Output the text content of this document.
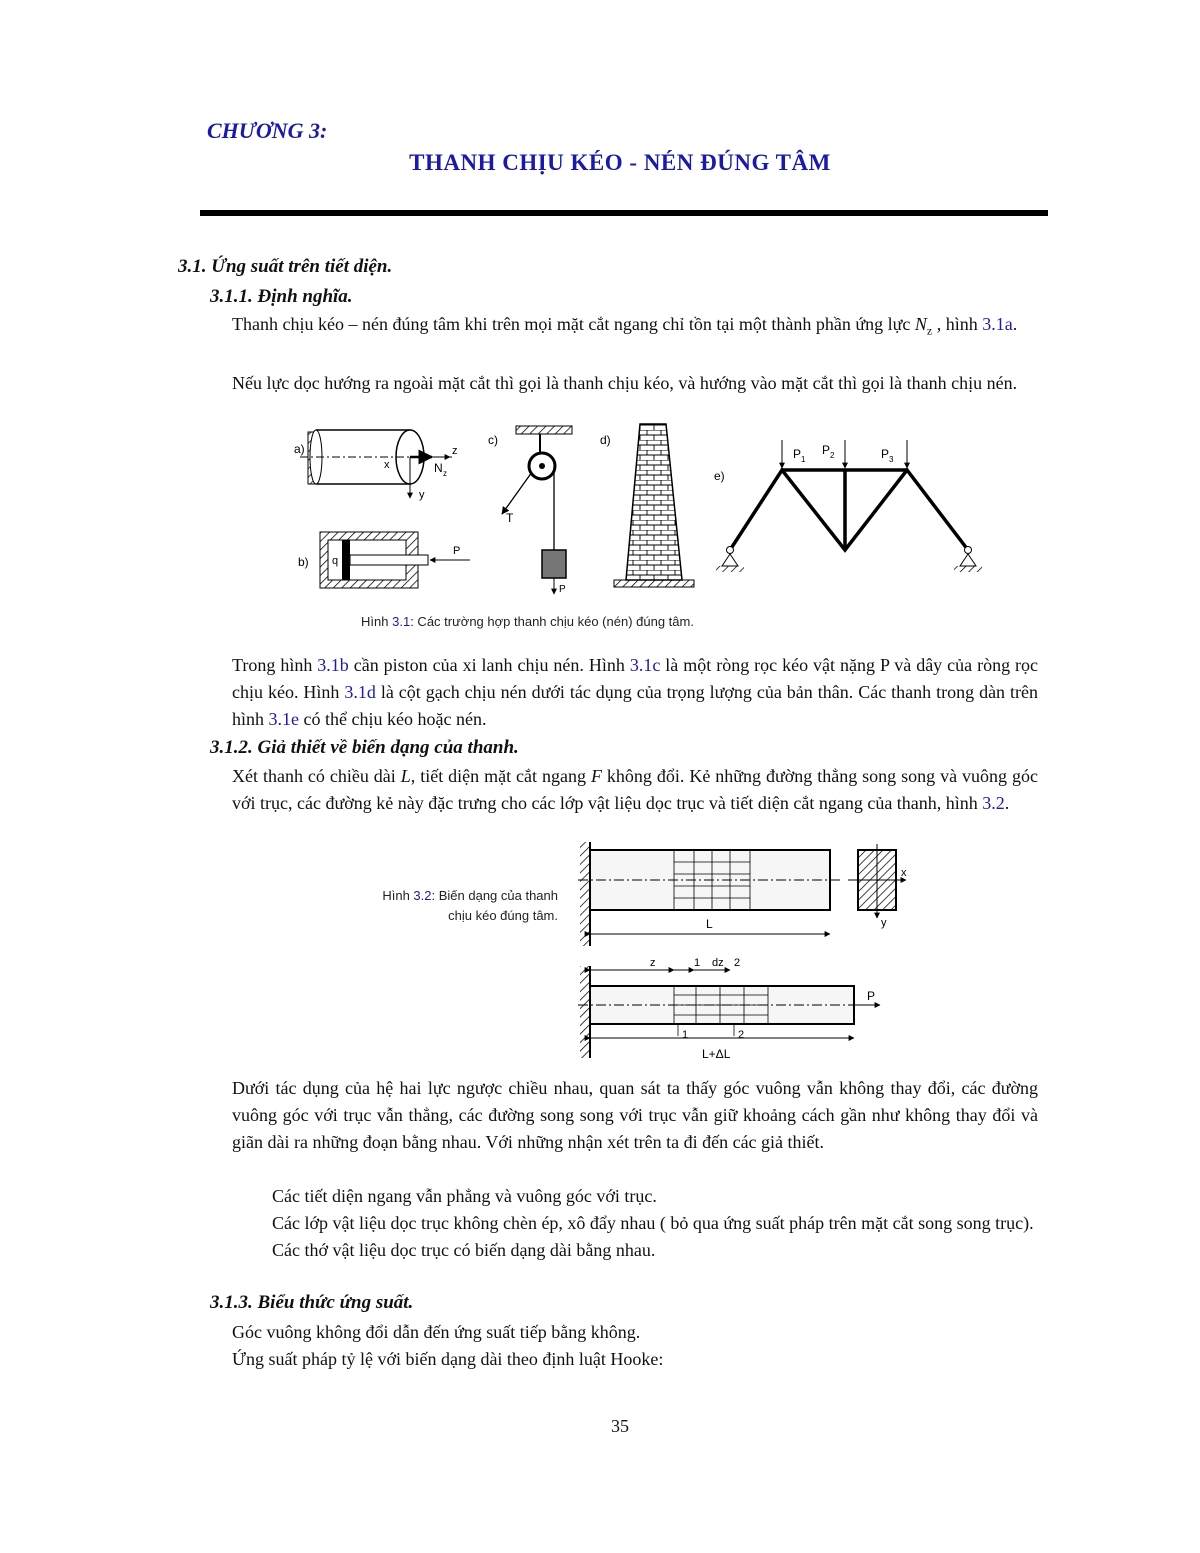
CHƯƠNG 3:
THANH CHỊU KÉO - NÉN ĐÚNG TÂM
3.1. Ứng suất trên tiết diện.
3.1.1. Định nghĩa.
Thanh chịu kéo – nén đúng tâm khi trên mọi mặt cắt ngang chỉ tồn tại một thành phần ứng lực $N_z$ , hình 3.1a.
Nếu lực dọc hướng ra ngoài mặt cắt thì gọi là thanh chịu kéo, và hướng vào mặt cắt thì gọi là thanh chịu nén.
a)	z
x
y
N z
b) q
P
c)
T
P
d)
e)
P 1
P 2	P 3
Hình 3.1: Các trường hợp thanh chịu kéo (nén) đúng tâm.
Trong hình 3.1b cần piston của xi lanh chịu nén. Hình 3.1c là một ròng rọc kéo vật nặng P và dây của ròng rọc chịu kéo. Hình 3.1d là cột gạch chịu nén dưới tác dụng của trọng lượng của bản thân. Các thanh trong dàn trên hình 3.1e có thể chịu kéo hoặc nén.
3.1.2. Giả thiết về biến dạng của thanh.
Xét thanh có chiều dài L, tiết diện mặt cắt ngang F không đổi. Kẻ những đường thẳng song song và vuông góc với trục, các đường kẻ này đặc trưng cho các lớp vật liệu dọc trục và tiết diện cắt ngang của thanh, hình 3.2.
Hình 3.2: Biến dạng của thanh
chịu kéo đúng tâm.
L
x
y
z	1 dz 2
P
1	2
L+ΔL
Dưới tác dụng của hệ hai lực ngược chiều nhau, quan sát ta thấy góc vuông vẫn không thay đổi, các đường vuông góc với trục vẫn thẳng, các đường song song với trục vẫn giữ khoảng cách gần như không thay đổi và giãn dài ra những đoạn bằng nhau. Với những nhận xét trên ta đi đến các giả thiết.
Các tiết diện ngang vẫn phẳng và vuông góc với trục.
Các lớp vật liệu dọc trục không chèn ép, xô đẩy nhau ( bỏ qua ứng suất pháp trên mặt cắt song song trục).
Các thớ vật liệu dọc trục có biến dạng dài bằng nhau.
3.1.3. Biểu thức ứng suất.
Góc vuông không đổi dẫn đến ứng suất tiếp bằng không.
Ứng suất pháp tỷ lệ với biến dạng dài theo định luật Hooke:
35
